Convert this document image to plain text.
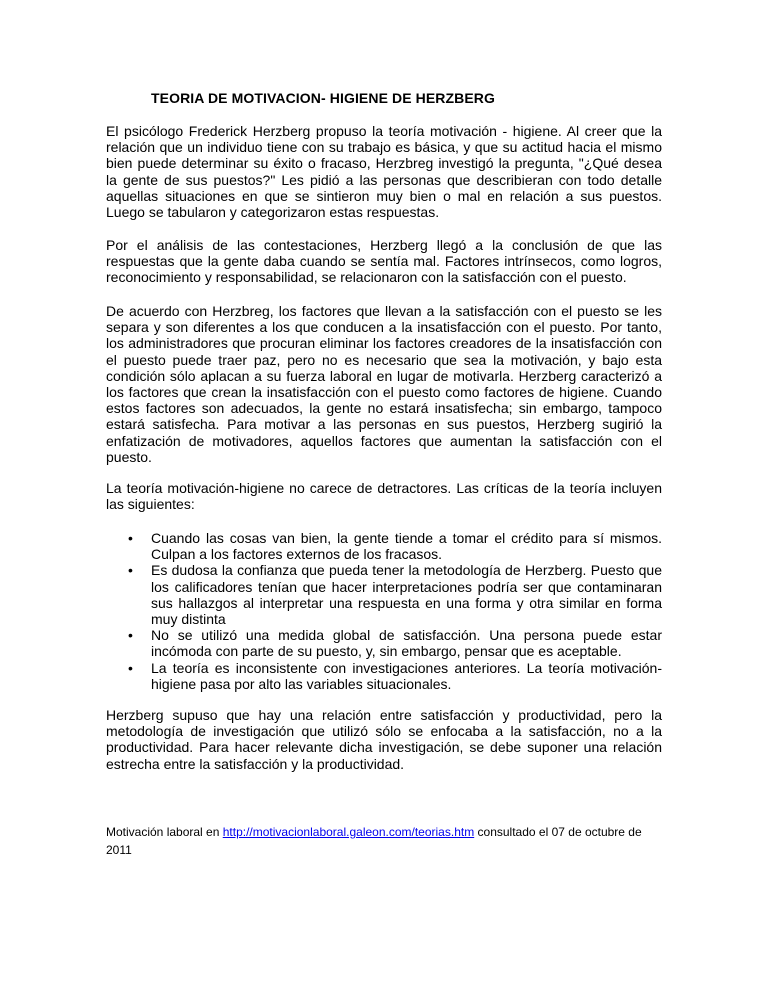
TEORIA DE MOTIVACION- HIGIENE DE HERZBERG

El psicólogo Frederick Herzberg propuso la teoría motivación - higiene. Al creer que la relación que un individuo tiene con su trabajo es básica, y que su actitud hacia el mismo bien puede determinar su éxito o fracaso, Herzbreg investigó la pregunta, "¿Qué desea la gente de sus puestos?" Les pidió a las personas que describieran con todo detalle aquellas situaciones en que se sintieron muy bien o mal en relación a sus puestos. Luego se tabularon y categorizaron estas respuestas.

Por el análisis de las contestaciones, Herzberg llegó a la conclusión de que las respuestas que la gente daba cuando se sentía mal. Factores intrínsecos, como logros, reconocimiento y responsabilidad, se relacionaron con la satisfacción con el puesto.

De acuerdo con Herzbreg, los factores que llevan a la satisfacción con el puesto se les separa y son diferentes a los que conducen a la insatisfacción con el puesto. Por tanto, los administradores que procuran eliminar los factores creadores de la insatisfacción con el puesto puede traer paz, pero no es necesario que sea la motivación, y bajo esta condición sólo aplacan a su fuerza laboral en lugar de motivarla. Herzberg caracterizó a los factores que crean la insatisfacción con el puesto como factores de higiene. Cuando estos factores son adecuados, la gente no estará insatisfecha; sin embargo, tampoco estará satisfecha. Para motivar a las personas en sus puestos, Herzberg sugirió la enfatización de motivadores, aquellos factores que aumentan la satisfacción con el puesto.

La teoría motivación-higiene no carece de detractores. Las críticas de la teoría incluyen las siguientes:

• Cuando las cosas van bien, la gente tiende a tomar el crédito para sí mismos. Culpan a los factores externos de los fracasos.
• Es dudosa la confianza que pueda tener la metodología de Herzberg. Puesto que los calificadores tenían que hacer interpretaciones podría ser que contaminaran sus hallazgos al interpretar una respuesta en una forma y otra similar en forma muy distinta
• No se utilizó una medida global de satisfacción. Una persona puede estar incómoda con parte de su puesto, y, sin embargo, pensar que es aceptable.
• La teoría es inconsistente con investigaciones anteriores. La teoría motivación-higiene pasa por alto las variables situacionales.

Herzberg supuso que hay una relación entre satisfacción y productividad, pero la metodología de investigación que utilizó sólo se enfocaba a la satisfacción, no a la productividad. Para hacer relevante dicha investigación, se debe suponer una relación estrecha entre la satisfacción y la productividad.

Motivación laboral en http://motivacionlaboral.galeon.com/teorias.htm consultado el 07 de octubre de 2011
